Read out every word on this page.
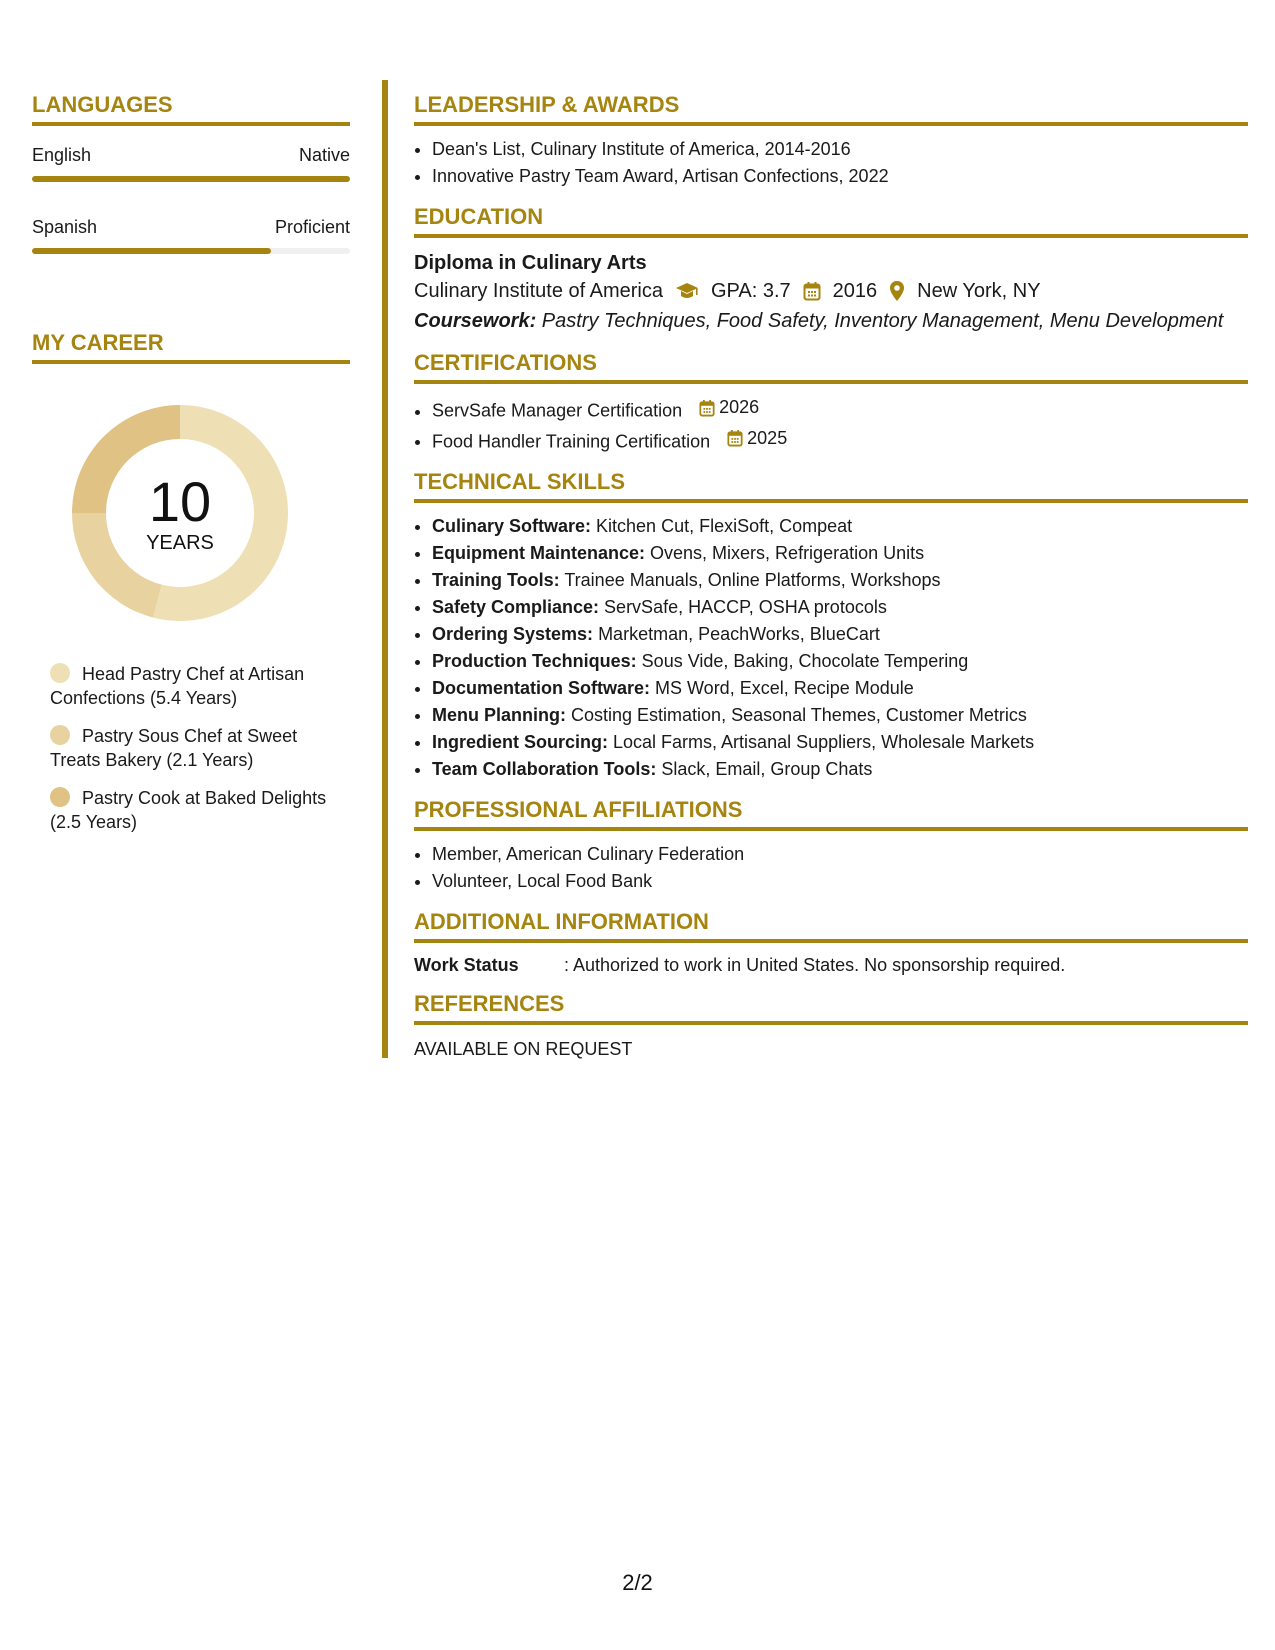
LANGUAGES
English	Native
Spanish	Proficient
MY CAREER
10
YEARS
Head Pastry Chef at Artisan Confections (5.4 Years)
Pastry Sous Chef at Sweet Treats Bakery (2.1 Years)
Pastry Cook at Baked Delights (2.5 Years)
LEADERSHIP & AWARDS
• Dean's List, Culinary Institute of America, 2014-2016
• Innovative Pastry Team Award, Artisan Confections, 2022
EDUCATION
Diploma in Culinary Arts
Culinary Institute of America GPA: 3.7 2016 New York, NY
Coursework: Pastry Techniques, Food Safety, Inventory Management, Menu Development
CERTIFICATIONS
• ServSafe Manager Certification 2026
• Food Handler Training Certification 2025
TECHNICAL SKILLS
• Culinary Software: Kitchen Cut, FlexiSoft, Compeat
• Equipment Maintenance: Ovens, Mixers, Refrigeration Units
• Training Tools: Trainee Manuals, Online Platforms, Workshops
• Safety Compliance: ServSafe, HACCP, OSHA protocols
• Ordering Systems: Marketman, PeachWorks, BlueCart
• Production Techniques: Sous Vide, Baking, Chocolate Tempering
• Documentation Software: MS Word, Excel, Recipe Module
• Menu Planning: Costing Estimation, Seasonal Themes, Customer Metrics
• Ingredient Sourcing: Local Farms, Artisanal Suppliers, Wholesale Markets
• Team Collaboration Tools: Slack, Email, Group Chats
PROFESSIONAL AFFILIATIONS
• Member, American Culinary Federation
• Volunteer, Local Food Bank
ADDITIONAL INFORMATION
Work Status	: Authorized to work in United States. No sponsorship required.
REFERENCES
AVAILABLE ON REQUEST
2/2
